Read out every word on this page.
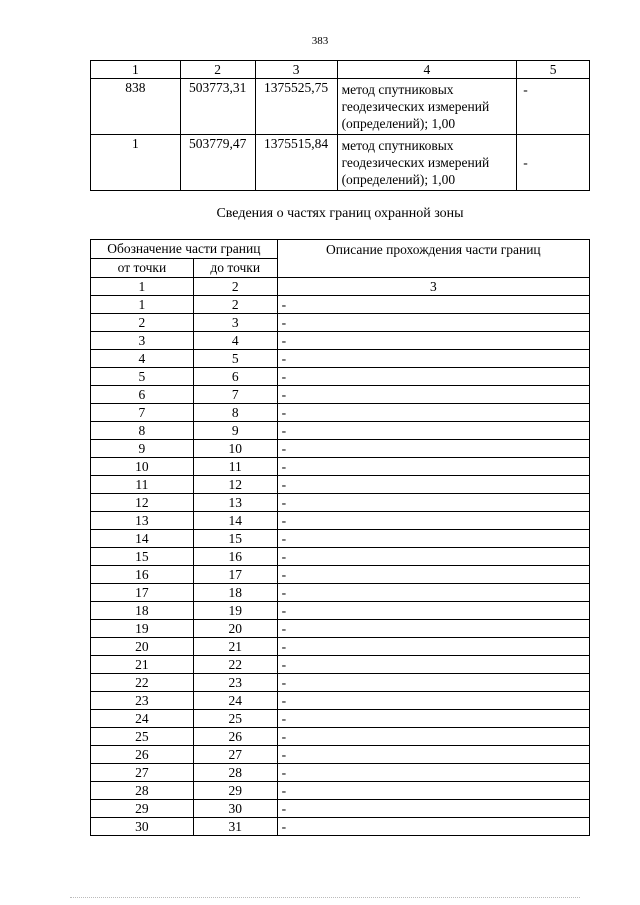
383
1	2	3	4	5
838	503773,31	1375525,75	метод спутниковых
геодезических измерений
(определений); 1,00	-
1	503779,47	1375515,84	метод спутниковых
геодезических измерений
(определений); 1,00	-
Сведения о частях границ охранной зоны
Обозначение части границ		Описание прохождения части границ
от точки	до точки	
1	2	3
1	2	-
2	3	-
3	4	-
4	5	-
5	6	-
6	7	-
7	8	-
8	9	-
9	10	-
10	11	-
11	12	-
12	13	-
13	14	-
14	15	-
15	16	-
16	17	-
17	18	-
18	19	-
19	20	-
20	21	-
21	22	-
22	23	-
23	24	-
24	25	-
25	26	-
26	27	-
27	28	-
28	29	-
29	30	-
30	31	-
